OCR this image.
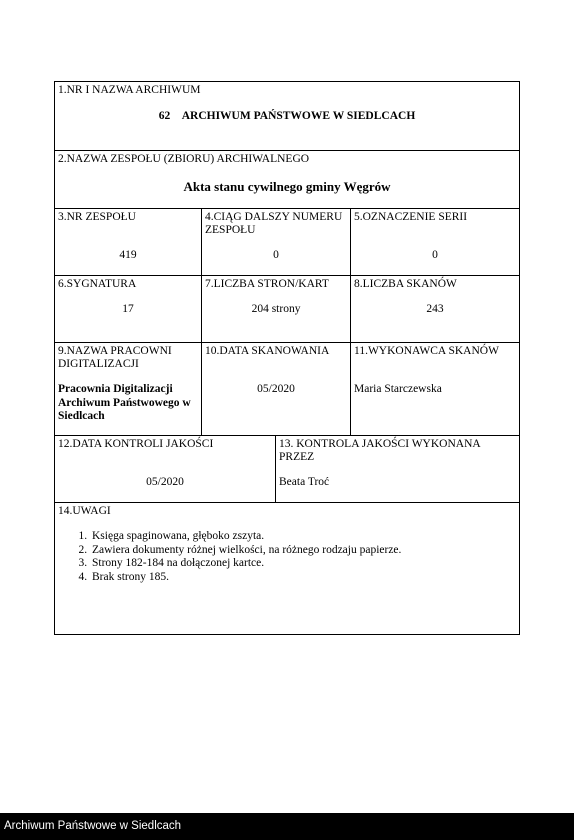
1.NR I NAZWA ARCHIWUM
62 ARCHIWUM PAŃSTWOWE W SIEDLCACH
2.NAZWA ZESPOŁU (ZBIORU) ARCHIWALNEGO
Akta stanu cywilnego gminy Węgrów
3.NR ZESPOŁU
419
4.CIĄG DALSZY NUMERU ZESPOŁU
0
5.OZNACZENIE SERII
0
6.SYGNATURA
17
7.LICZBA STRON/KART
204 strony
8.LICZBA SKANÓW
243
9.NAZWA PRACOWNI DIGITALIZACJI
Pracownia Digitalizacji Archiwum Państwowego w Siedlcach
10.DATA SKANOWANIA
05/2020
11.WYKONAWCA SKANÓW
Maria Starczewska
12.DATA KONTROLI JAKOŚCI
05/2020
13. KONTROLA JAKOŚCI WYKONANA PRZEZ
Beata Troć
14.UWAGI
1. Księga spaginowana, głęboko zszyta.
2. Zawiera dokumenty różnej wielkości, na różnego rodzaju papierze.
3. Strony 182-184 na dołączonej kartce.
4. Brak strony 185.
Archiwum Państwowe w Siedlcach
